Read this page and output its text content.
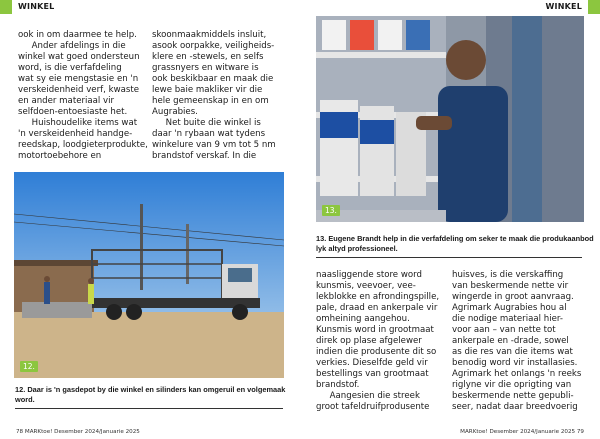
WINKEL	WINKEL
ook in om daarmee te help.
Ander afdelings in die
winkel wat goed ondersteun
word, is die verfafdeling
wat sy eie mengstasie en 'n
verskeidenheid verf, kwaste
en ander materiaal vir
selfdoen-entoesiaste het.
Huishoudelike items wat
'n verskeidenheid handge-
reedskap, loodgieterprodukte,
motortoebehore en
skoonmaakmiddels insluit,
asook oorpakke, veiligheids-
klere en -stewels, en selfs
grassnyers en witware is
ook beskikbaar en maak die
lewe baie makliker vir die
hele gemeenskap in en om
Augrabies.
Net buite die winkel is
daar 'n rybaan wat tydens
winkelure van 9 vm tot 5 nm
brandstof verskaf. In die
12.
12. Daar is 'n gasdepot by die winkel en silinders kan omgeruil en volgemaak
word.
13.
13. Eugene Brandt help in die verfafdeling om seker te maak die produkaanbod
lyk altyd professioneel.
naasliggende store word
kunsmis, veevoer, vee-
lekblokke en afrondingspille,
pale, draad en ankerpale vir
omheining aangehou.
Kunsmis word in grootmaat
direk op plase afgelewer
indien die produsente dit so
verkies. Dieselfde geld vir
bestellings van grootmaat
brandstof.
Aangesien die streek
groot tafeldruifprodusente
huisves, is die verskaffing
van beskermende nette vir
wingerde in groot aanvraag.
Agrimark Augrabies hou al
die nodige materiaal hier-
voor aan – van nette tot
ankerpale en -drade, sowel
as die res van die items wat
benodig word vir installasies.
Agrimark het onlangs 'n reeks
riglyne vir die oprigting van
beskermende nette gepubli-
seer, nadat daar breedvoerig
78 MARKtoe! Desember 2024/Januarie 2025	MARKtoe! Desember 2024/Januarie 2025 79
